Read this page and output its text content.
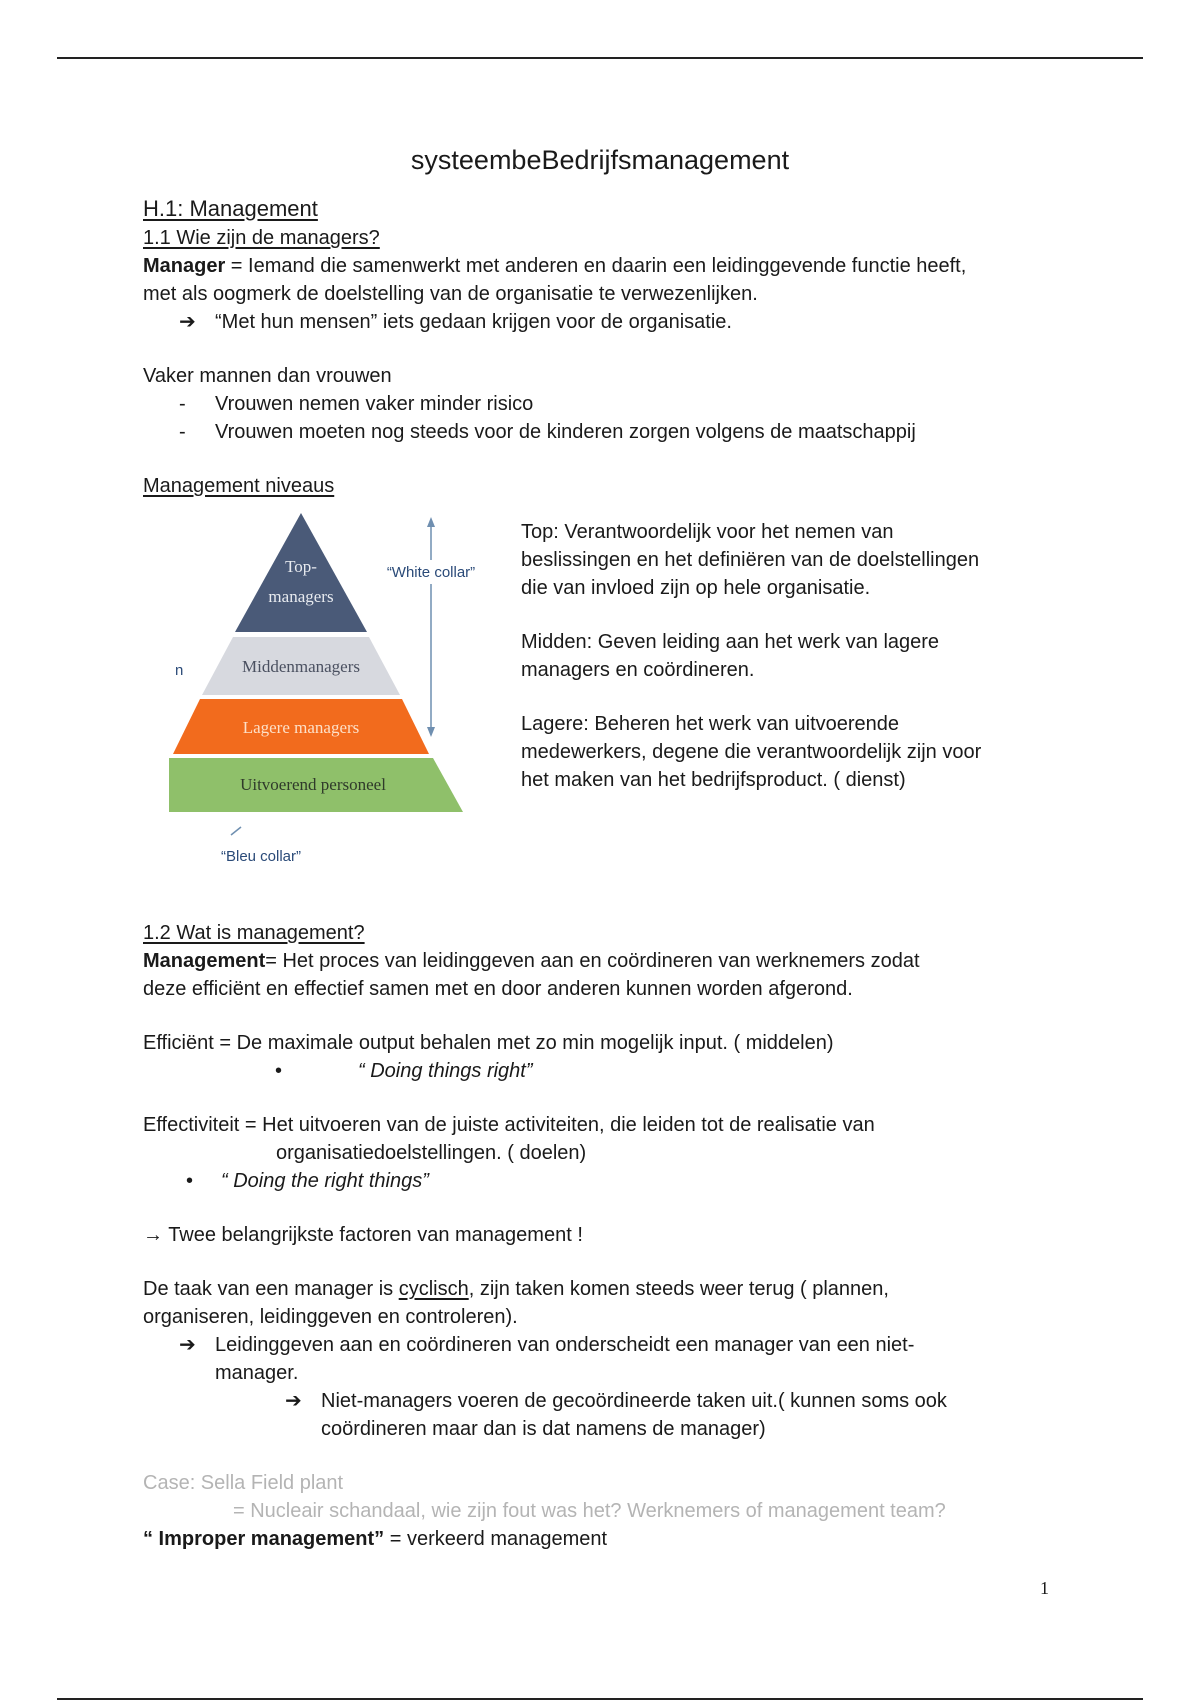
systeembeBedrijfsmanagement

H.1: Management

1.1 Wie zijn de managers?

Manager = Iemand die samenwerkt met anderen en daarin een leidinggevende functie heeft,

met als oogmerk de doelstelling van de organisatie te verwezenlijken.

➔ “Met hun mensen” iets gedaan krijgen voor de organisatie.

Vaker mannen dan vrouwen

- Vrouwen nemen vaker minder risico

- Vrouwen moeten nog steeds voor de kinderen zorgen volgens de maatschappij

Management niveaus

Top-
managers
Middenmanagers
Lagere managers
Uitvoerend personeel
“White collar”
“Bleu collar”
n

Top: Verantwoordelijk voor het nemen van

beslissingen en het definiëren van de doelstellingen

die van invloed zijn op hele organisatie.

Midden: Geven leiding aan het werk van lagere

managers en coördineren.

Lagere: Beheren het werk van uitvoerende

medewerkers, degene die verantwoordelijk zijn voor

het maken van het bedrijfsproduct. ( dienst)

1.2 Wat is management?

Management= Het proces van leidinggeven aan en coördineren van werknemers zodat

deze efficiënt en effectief samen met en door anderen kunnen worden afgerond.

Efficiënt = De maximale output behalen met zo min mogelijk input. ( middelen)

•	“ Doing things right”

Effectiviteit = Het uitvoeren van de juiste activiteiten, die leiden tot de realisatie van

organisatiedoelstellingen. ( doelen)

• “ Doing the right things”

→ Twee belangrijkste factoren van management !

De taak van een manager is cyclisch, zijn taken komen steeds weer terug ( plannen,

organiseren, leidinggeven en controleren).

➔ Leidinggeven aan en coördineren van onderscheidt een manager van een niet-

manager.

➔ Niet-managers voeren de gecoördineerde taken uit.( kunnen soms ook

coördineren maar dan is dat namens de manager)

Case: Sella Field plant

= Nucleair schandaal, wie zijn fout was het? Werknemers of management team?

“ Improper management” = verkeerd management

1
